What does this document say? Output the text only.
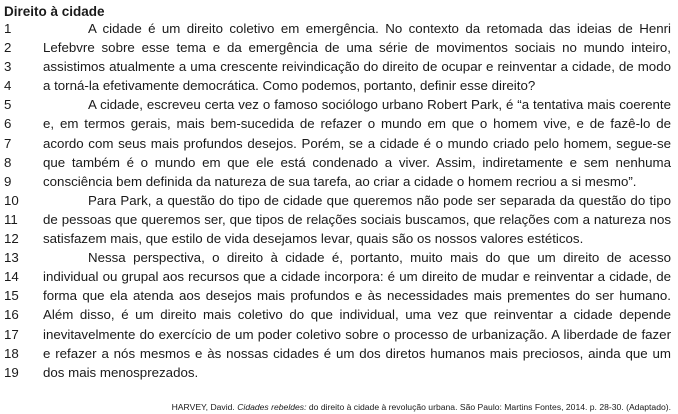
Direito à cidade
1	A cidade é um direito coletivo em emergência. No contexto da retomada das ideias de Henri
2	Lefebvre sobre esse tema e da emergência de uma série de movimentos sociais no mundo inteiro,
3	assistimos atualmente a uma crescente reivindicação do direito de ocupar e reinventar a cidade, de modo
4	a torná-la efetivamente democrática. Como podemos, portanto, definir esse direito?
5	A cidade, escreveu certa vez o famoso sociólogo urbano Robert Park, é “a tentativa mais coerente
6	e, em termos gerais, mais bem-sucedida de refazer o mundo em que o homem vive, e de fazê-lo de
7	acordo com seus mais profundos desejos. Porém, se a cidade é o mundo criado pelo homem, segue-se
8	que também é o mundo em que ele está condenado a viver. Assim, indiretamente e sem nenhuma
9	consciência bem definida da natureza de sua tarefa, ao criar a cidade o homem recriou a si mesmo”.
10	Para Park, a questão do tipo de cidade que queremos não pode ser separada da questão do tipo
11	de pessoas que queremos ser, que tipos de relações sociais buscamos, que relações com a natureza nos
12	satisfazem mais, que estilo de vida desejamos levar, quais são os nossos valores estéticos.
13	Nessa perspectiva, o direito à cidade é, portanto, muito mais do que um direito de acesso
14	individual ou grupal aos recursos que a cidade incorpora: é um direito de mudar e reinventar a cidade, de
15	forma que ela atenda aos desejos mais profundos e às necessidades mais prementes do ser humano.
16	Além disso, é um direito mais coletivo do que individual, uma vez que reinventar a cidade depende
17	inevitavelmente do exercício de um poder coletivo sobre o processo de urbanização. A liberdade de fazer
18	e refazer a nós mesmos e às nossas cidades é um dos diretos humanos mais preciosos, ainda que um
19	dos mais menosprezados.
HARVEY, David. Cidades rebeldes: do direito à cidade à revolução urbana. São Paulo: Martins Fontes, 2014. p. 28-30. (Adaptado).
